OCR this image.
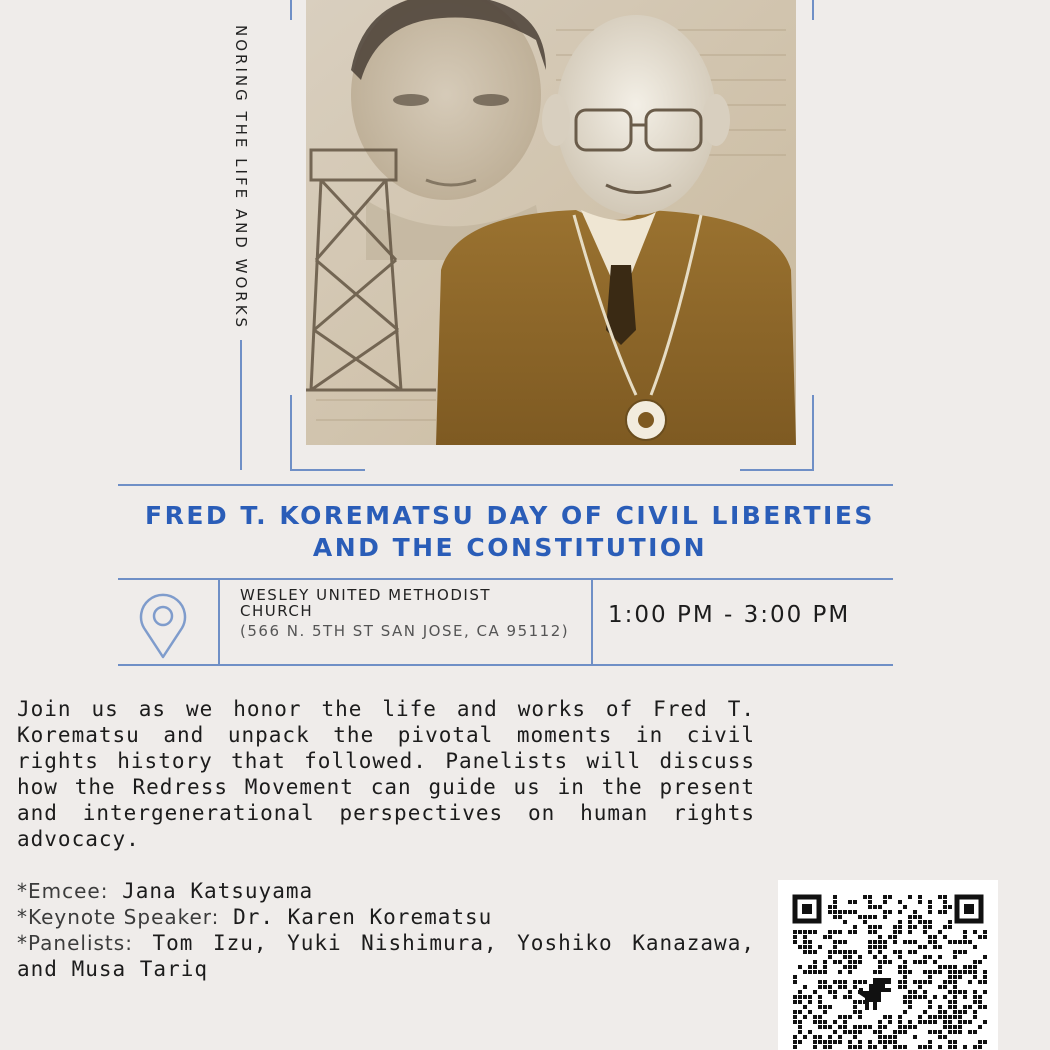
NORING THE LIFE AND WORKS
FRED T. KOREMATSU DAY OF CIVIL LIBERTIES
AND THE CONSTITUTION
WESLEY UNITED METHODIST CHURCH
(566 N. 5TH ST SAN JOSE, CA 95112)
1:00 PM - 3:00 PM
Join us as we honor the life and works of Fred T. Korematsu and unpack the pivotal moments in civil rights history that followed. Panelists will discuss how the Redress Movement can guide us in the present and intergenerational perspectives on human rights advocacy.
*Emcee: Jana Katsuyama
*Keynote Speaker: Dr. Karen Korematsu
*Panelists: Tom Izu, Yuki Nishimura, Yoshiko Kanazawa, and Musa Tariq
